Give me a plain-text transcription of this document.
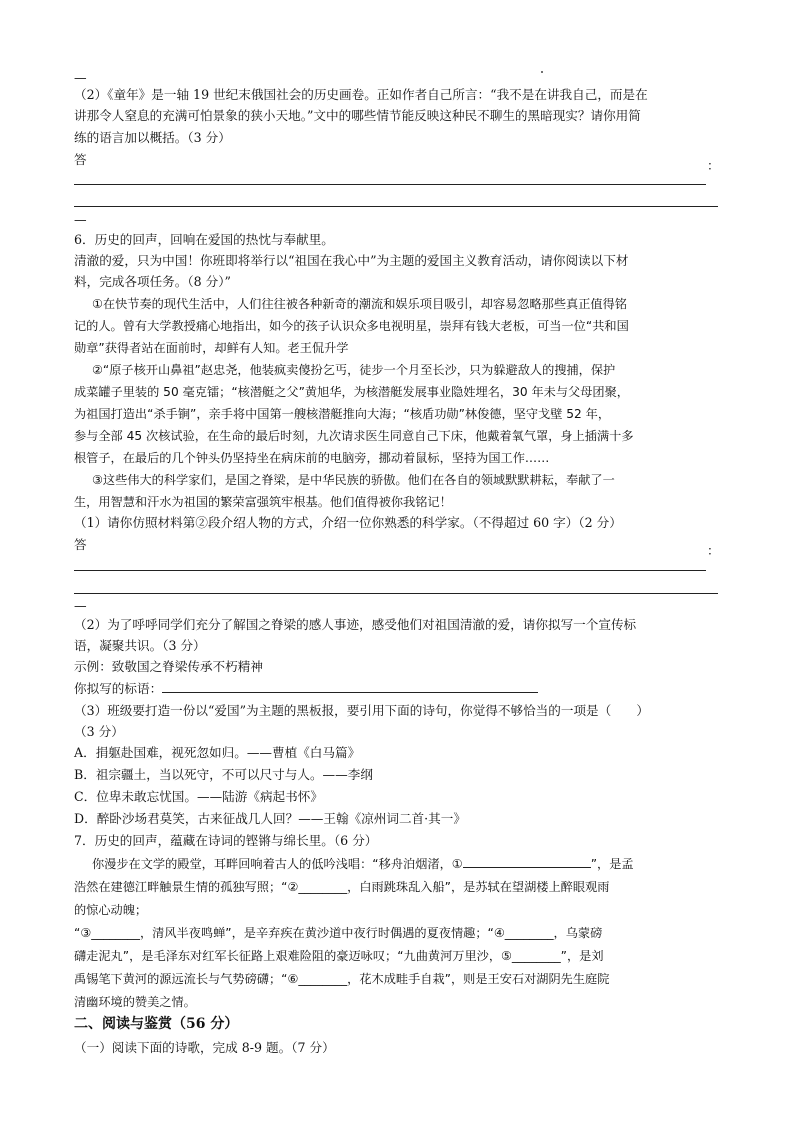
—
（2）《童年》是一轴 19 世纪末俄国社会的历史画卷。正如作者自己所言：“我不是在讲我自己，而是在
讲那令人窒息的充满可怕景象的狭小天地。”文中的哪些情节能反映这种民不聊生的黑暗现实？请你用简
练的语言加以概括。（3 分）
答	：
—
6．历史的回声，回响在爱国的热忱与奉献里。
清澈的爱，只为中国！你班即将举行以“祖国在我心中”为主题的爱国主义教育活动，请你阅读以下材
料，完成各项任务。（8 分）”
①在快节奏的现代生活中，人们往往被各种新奇的潮流和娱乐项目吸引，却容易忽略那些真正值得铭
记的人。曾有大学教授痛心地指出，如今的孩子认识众多电视明星，崇拜有钱大老板，可当一位“共和国
勋章”获得者站在面前时，却鲜有人知。老王侃升学
②“原子核开山鼻祖”赵忠尧，他装疯卖傻扮乞丐，徒步一个月至长沙，只为躲避敌人的搜捕，保护
成菜罐子里装的 50 毫克镭；“核潜艇之父”黄旭华，为核潜艇发展事业隐姓埋名，30 年未与父母团聚，
为祖国打造出“杀手锏”，亲手将中国第一艘核潜艇推向大海；“核盾功勋”林俊德，坚守戈壁 52 年，
参与全部 45 次核试验，在生命的最后时刻，九次请求医生同意自己下床，他戴着氧气罩，身上插满十多
根管子，在最后的几个钟头仍坚持坐在病床前的电脑旁，挪动着鼠标，坚持为国工作……
③这些伟大的科学家们，是国之脊梁，是中华民族的骄傲。他们在各自的领域默默耕耘，奉献了一
生，用智慧和汗水为祖国的繁荣富强筑牢根基。他们值得被你我铭记！
（1）请你仿照材料第②段介绍人物的方式，介绍一位你熟悉的科学家。（不得超过 60 字）（2 分）
答	：
—
（2）为了呼呼同学们充分了解国之脊梁的感人事迹，感受他们对祖国清澈的爱，请你拟写一个宣传标
语，凝聚共识。（3 分）
示例：致敬国之脊梁传承不朽精神
你拟写的标语：
（3）班级要打造一份以“爱国”为主题的黑板报，要引用下面的诗句，你觉得不够恰当的一项是（　　）
（3 分）
A．捐躯赴国难，视死忽如归。——曹植《白马篇》
B．祖宗疆土，当以死守，不可以尺寸与人。——李纲
C．位卑未敢忘忧国。——陆游《病起书怀》
D．醉卧沙场君莫笑，古来征战几人回？——王翰《凉州词二首·其一》
7．历史的回声，蕴藏在诗词的铿锵与绵长里。（6 分）
你漫步在文学的殿堂，耳畔回响着古人的低吟浅唱：“移舟泊烟渚，①	”，是孟
浩然在建德江畔触景生情的孤独写照；“②________，白雨跳珠乱入船”，是苏轼在望湖楼上醉眼观雨
的惊心动魄；
“③________，清风半夜鸣蝉”，是辛弃疾在黄沙道中夜行时偶遇的夏夜情趣；“④________，乌蒙磅
礴走泥丸”，是毛泽东对红军长征路上艰难险阻的豪迈咏叹；“九曲黄河万里沙，⑤________”，是刘
禹锡笔下黄河的源远流长与气势磅礴；“⑥________，花木成畦手自栽”，则是王安石对湖阴先生庭院
清幽环境的赞美之情。
二、阅读与鉴赏（56 分）
（一）阅读下面的诗歌，完成 8-9 题。（7 分）
